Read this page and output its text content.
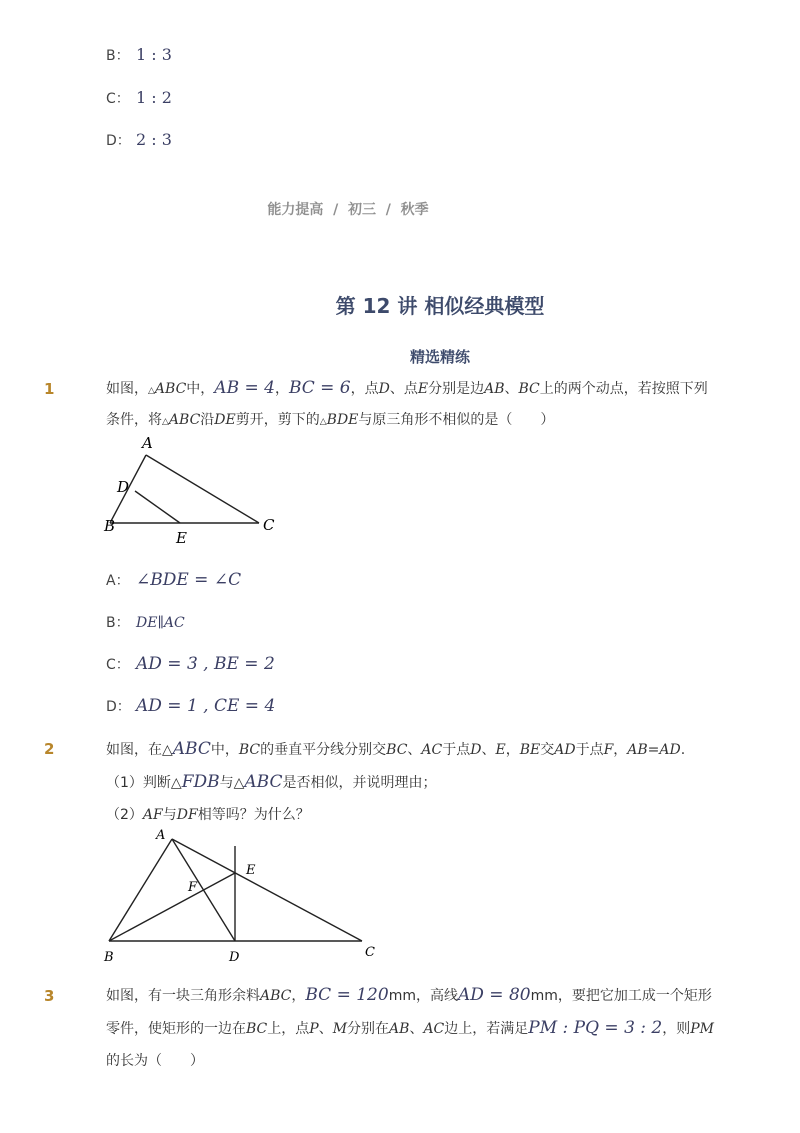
B： 1 : 3
C： 1 : 2
D： 2 : 3
能力提高 / 初三 / 秋季
第 12 讲 相似经典模型
精选精练
1	如图，△ABC中，AB = 4，BC = 6，点D、点E分别是边AB、BC上的两个动点，若按照下列
条件，将△ABC沿DE剪开，剪下的△BDE与原三角形不相似的是（　　）
A
D
B
E
C
A： ∠BDE = ∠C
B： DE∥AC
C： AD = 3 , BE = 2
D： AD = 1 , CE = 4
2	如图，在△ABC中，BC的垂直平分线分别交BC、AC于点D、E，BE交AD于点F，AB=AD.
（1）判断△FDB与△ABC是否相似，并说明理由；
（2）AF与DF相等吗？为什么？
A
F
E
B	D	C
3	如图，有一块三角形余料ABC，BC = 120mm，高线AD = 80mm，要把它加工成一个矩形
零件，使矩形的一边在BC上，点P、M分别在AB、AC边上，若满足PM : PQ = 3 : 2，则PM
的长为（　　）
